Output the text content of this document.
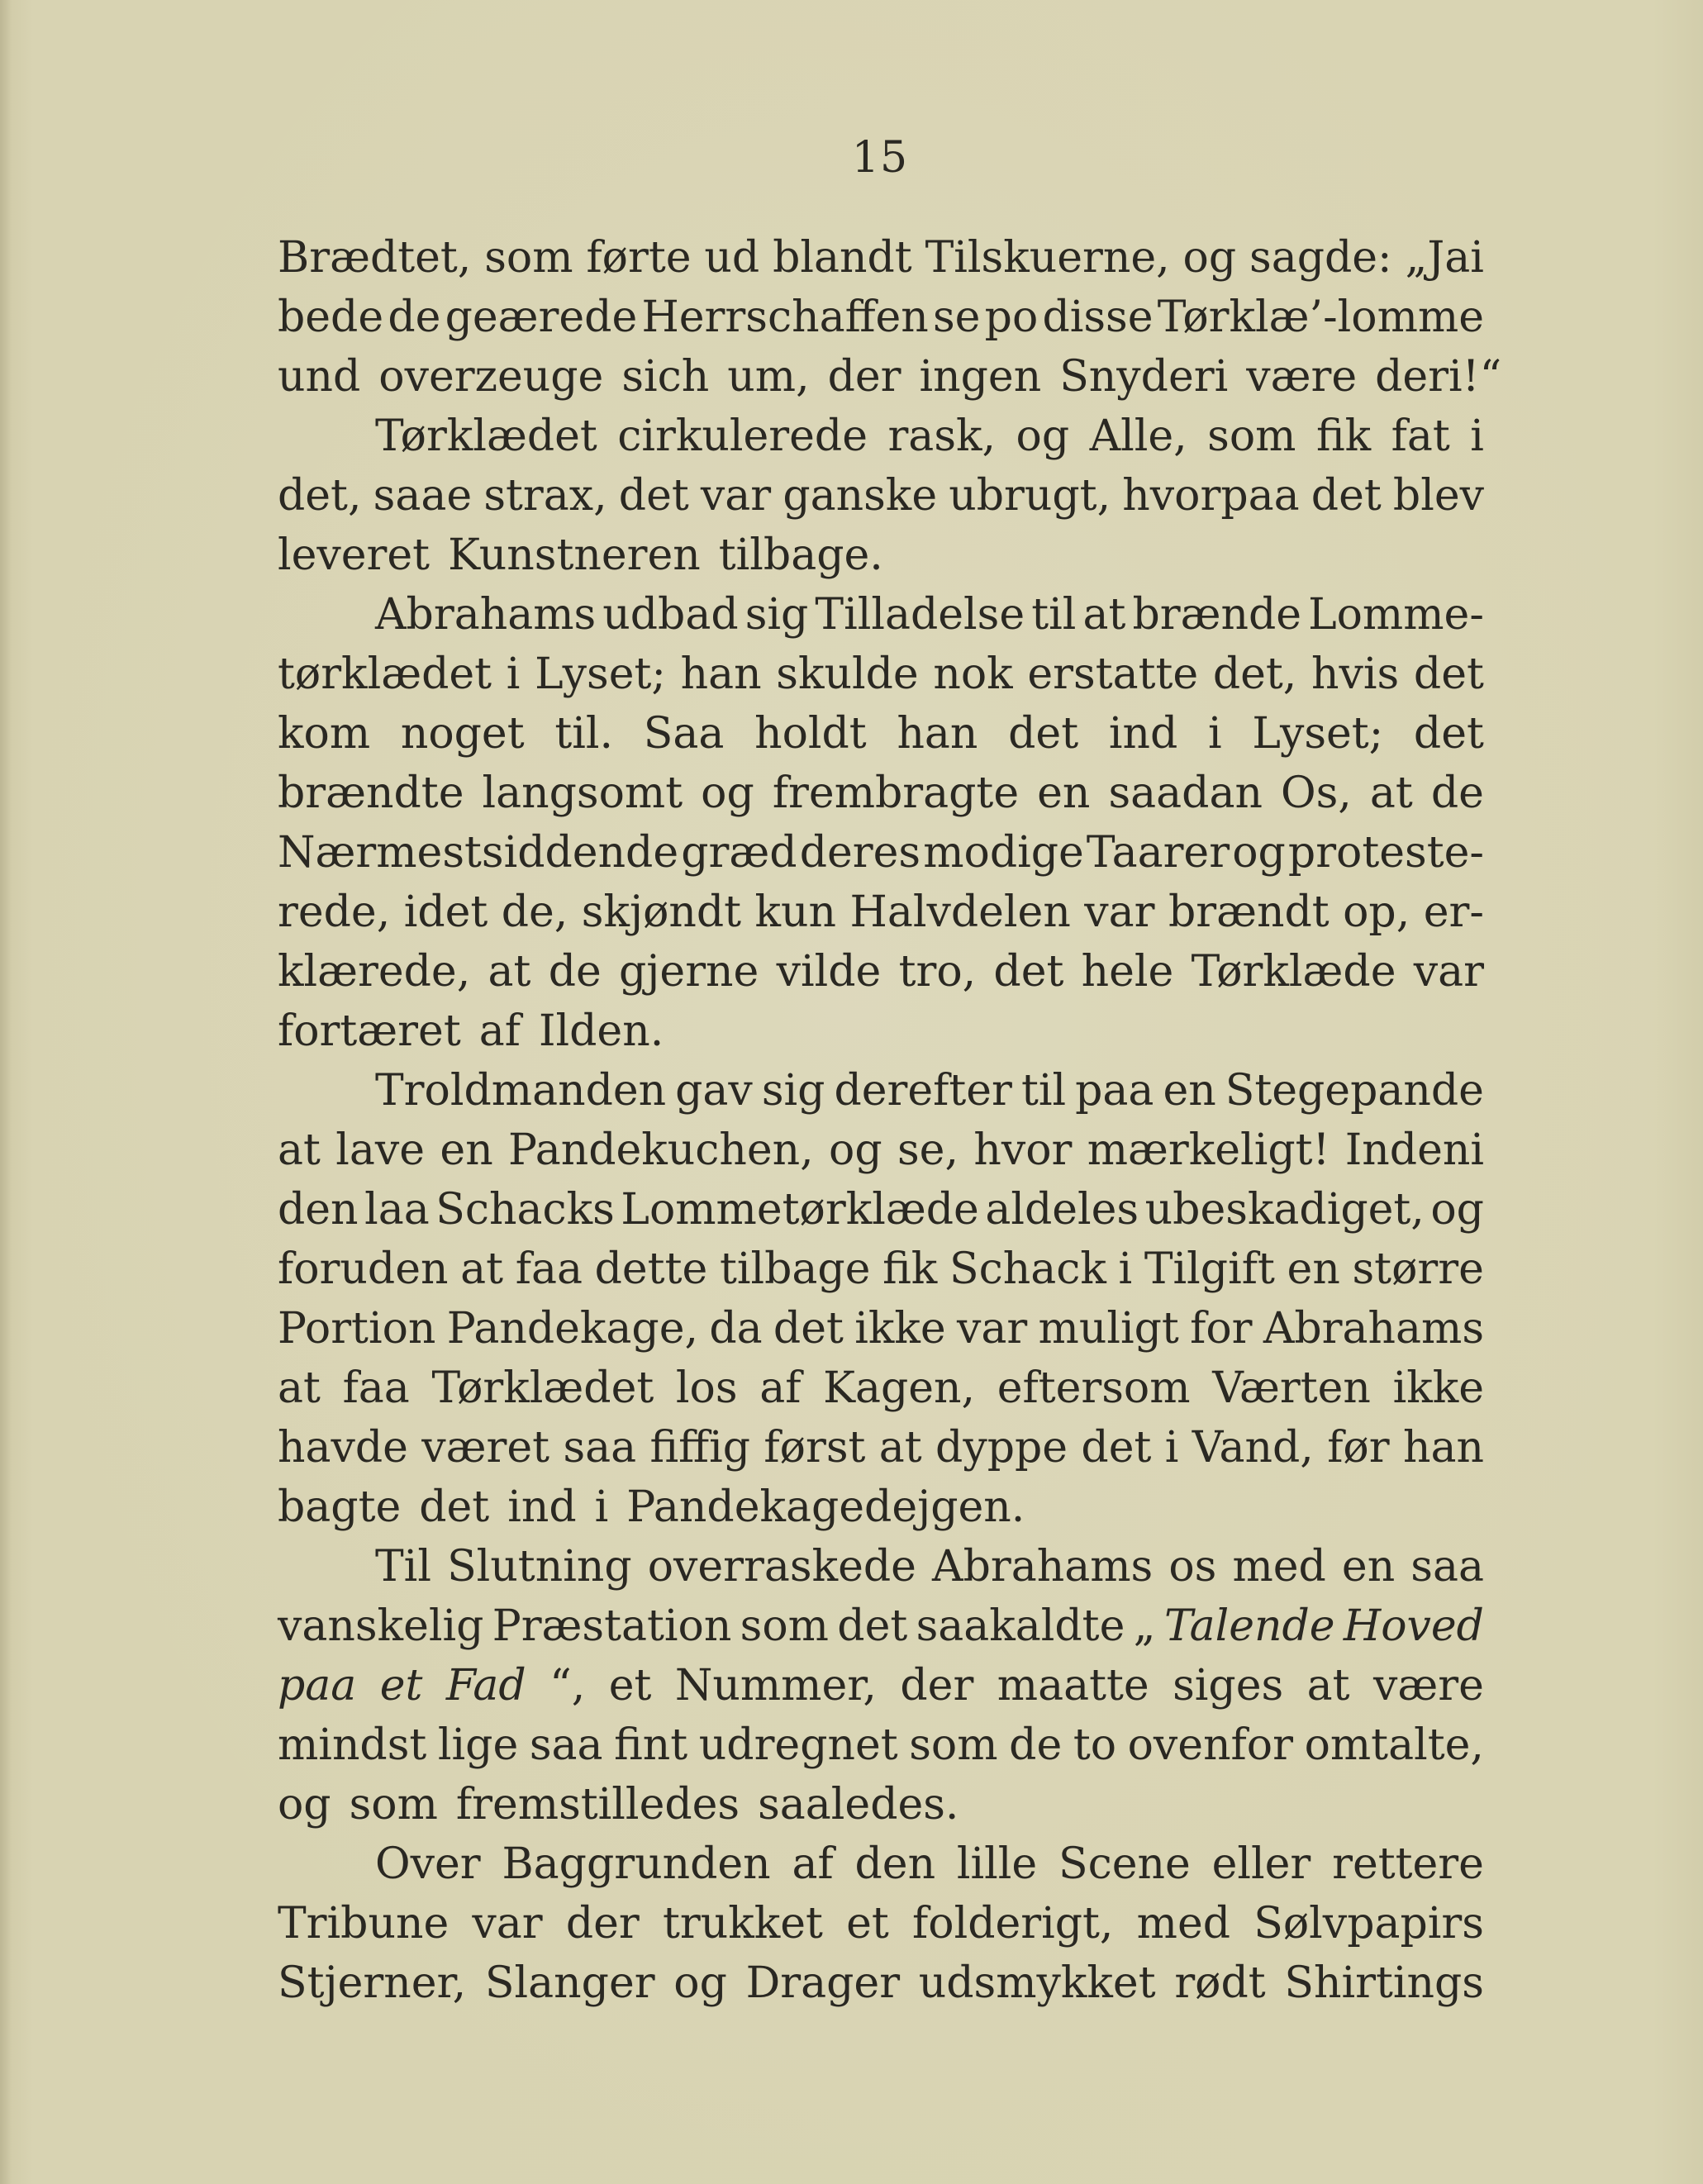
15
Brædtet, som førte ud blandt Tilskuerne, og sagde: „Jai
bede de geærede Herrschaffen se po disse Tørklæ’-lomme
und overzeuge sich um, der ingen Snyderi være deri!“
Tørklædet cirkulerede rask, og Alle, som fik fat i
det, saae strax, det var ganske ubrugt, hvorpaa det blev
leveret Kunstneren tilbage.
Abrahams udbad sig Tilladelse til at brænde Lomme-
tørklædet i Lyset; han skulde nok erstatte det, hvis det
kom noget til. Saa holdt han det ind i Lyset; det
brændte langsomt og frembragte en saadan Os, at de
Nærmestsiddende græd deres modige Taarer og proteste-
rede, idet de, skjøndt kun Halvdelen var brændt op, er-
klærede, at de gjerne vilde tro, det hele Tørklæde var
fortæret af Ilden.
Troldmanden gav sig derefter til paa en Stegepande
at lave en Pandekuchen, og se, hvor mærkeligt! Indeni
den laa Schacks Lommetørklæde aldeles ubeskadiget, og
foruden at faa dette tilbage fik Schack i Tilgift en større
Portion Pandekage, da det ikke var muligt for Abrahams
at faa Tørklædet los af Kagen, eftersom Værten ikke
havde været saa fiffig først at dyppe det i Vand, før han
bagte det ind i Pandekagedejgen.
Til Slutning overraskede Abrahams os med en saa
vanskelig Præstation som det saakaldte „ Talende Hoved
paa et Fad “, et Nummer, der maatte siges at være
mindst lige saa fint udregnet som de to ovenfor omtalte,
og som fremstilledes saaledes.
Over Baggrunden af den lille Scene eller rettere
Tribune var der trukket et folderigt, med Sølvpapirs
Stjerner, Slanger og Drager udsmykket rødt Shirtings
